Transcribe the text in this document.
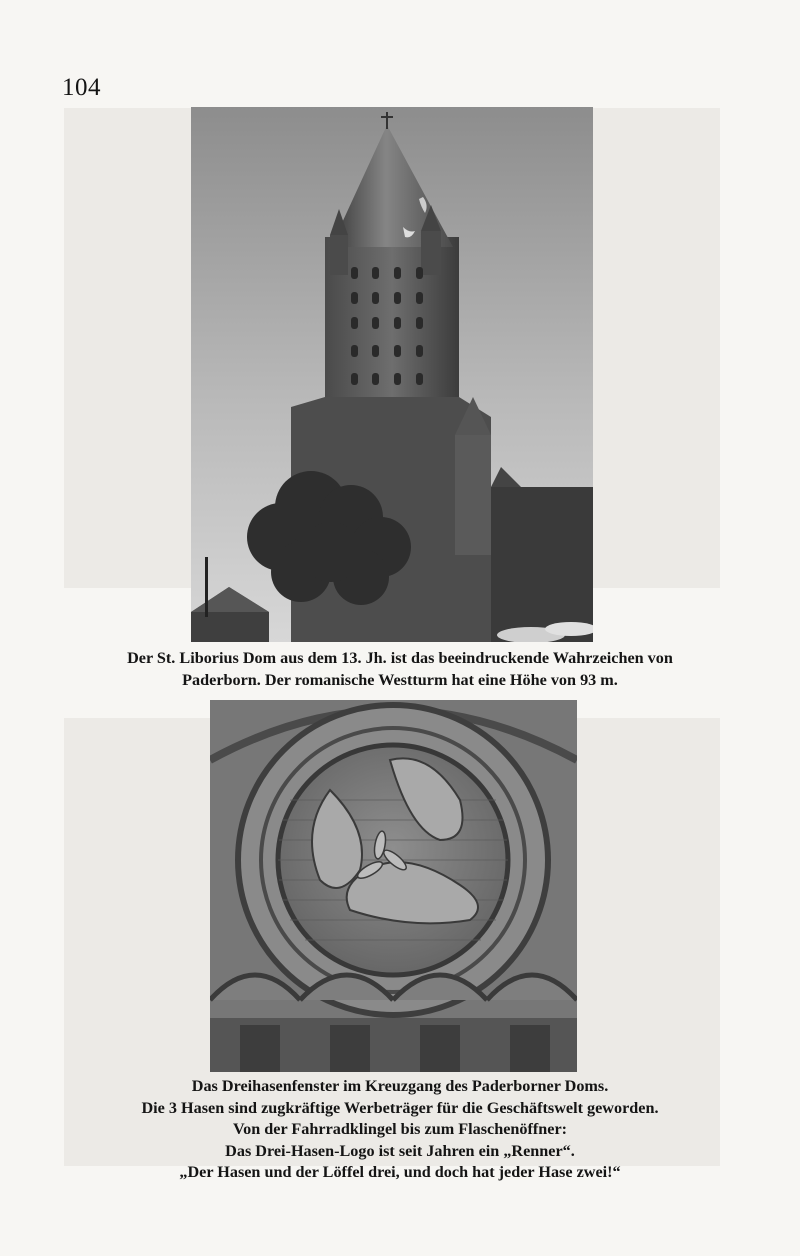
104
Der St. Liborius Dom aus dem 13. Jh. ist das beeindruckende Wahrzeichen von
Paderborn. Der romanische Westturm hat eine Höhe von 93 m.
Das Dreihasenfenster im Kreuzgang des Paderborner Doms.
Die 3 Hasen sind zugkräftige Werbeträger für die Geschäftswelt geworden.
Von der Fahrradklingel bis zum Flaschenöffner:
Das Drei-Hasen-Logo ist seit Jahren ein „Renner“.
„Der Hasen und der Löffel drei, und doch hat jeder Hase zwei!“
